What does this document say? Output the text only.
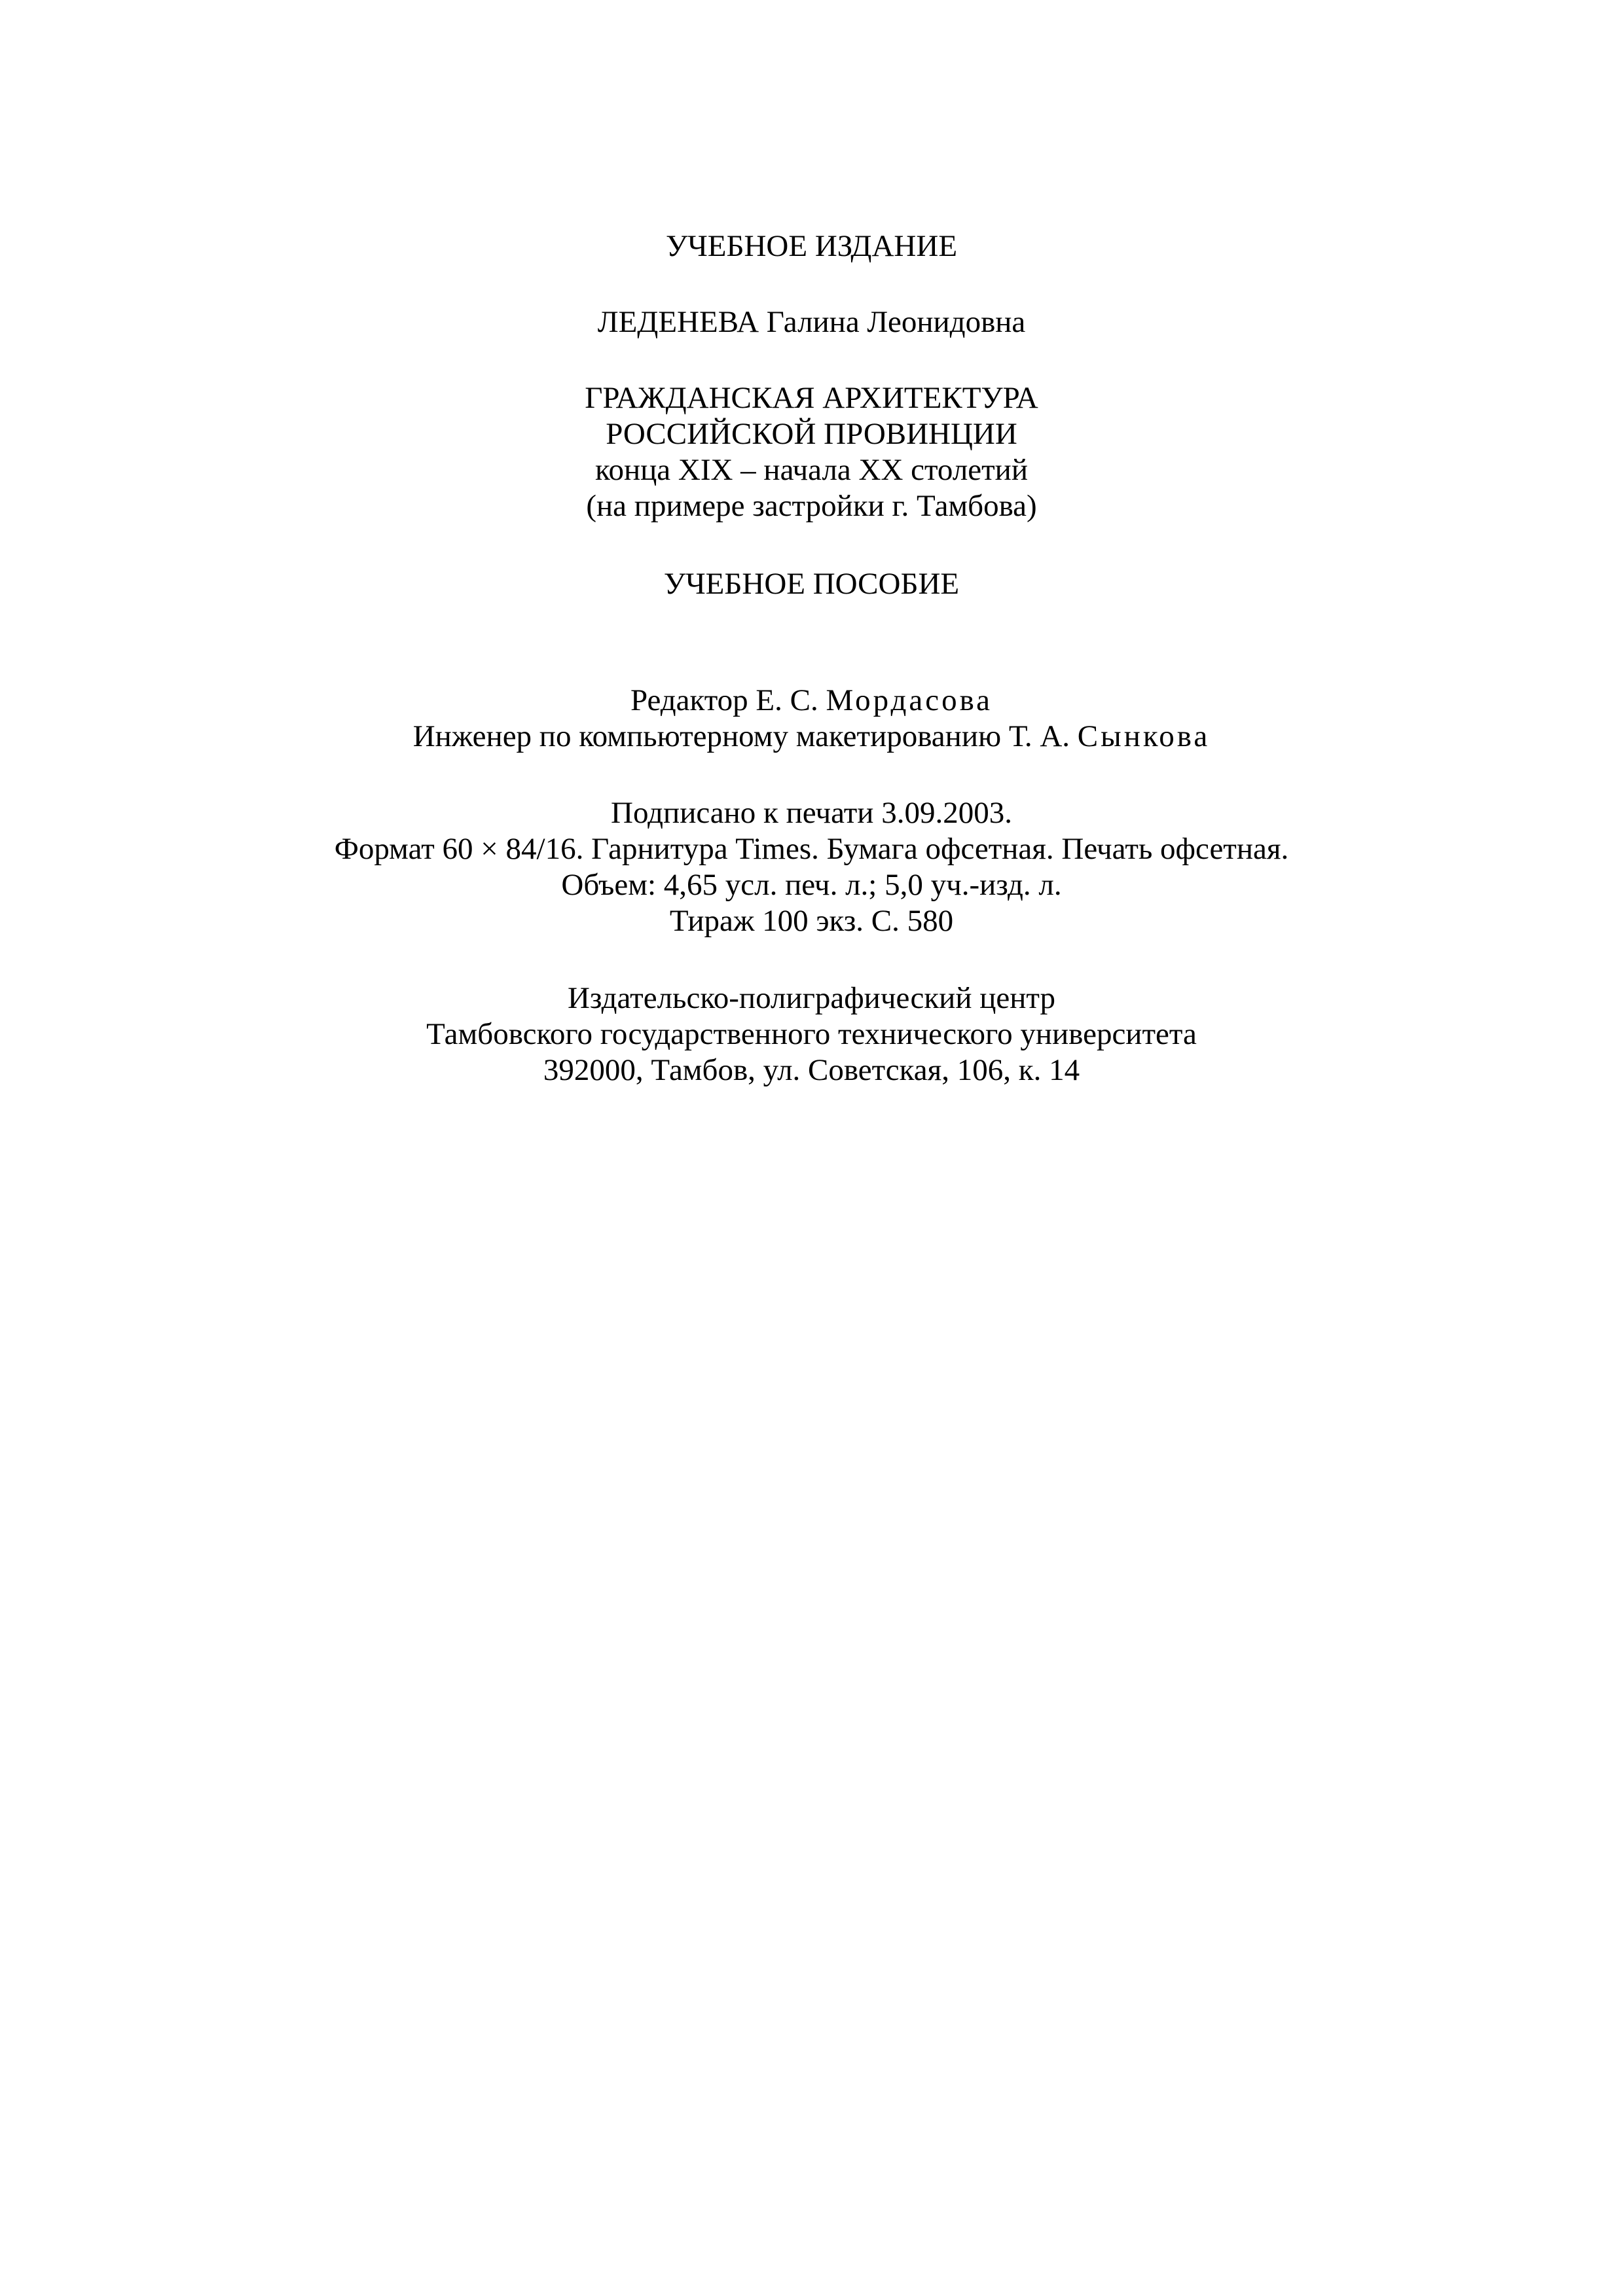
УЧЕБНОЕ ИЗДАНИЕ
ЛЕДЕНЕВА Галина Леонидовна
ГРАЖДАНСКАЯ АРХИТЕКТУРА
РОССИЙСКОЙ ПРОВИНЦИИ
конца XIX – начала XX столетий
(на примере застройки г. Тамбова)
УЧЕБНОЕ ПОСОБИЕ
Редактор Е. С. Мордасова
Инженер по компьютерному макетированию Т. А. Сынкова
Подписано к печати 3.09.2003.
Формат 60 × 84/16. Гарнитура Times. Бумага офсетная. Печать офсетная.
Объем: 4,65 усл. печ. л.; 5,0 уч.-изд. л.
Тираж 100 экз. С. 580
Издательско-полиграфический центр
Тамбовского государственного технического университета
392000, Тамбов, ул. Советская, 106, к. 14
